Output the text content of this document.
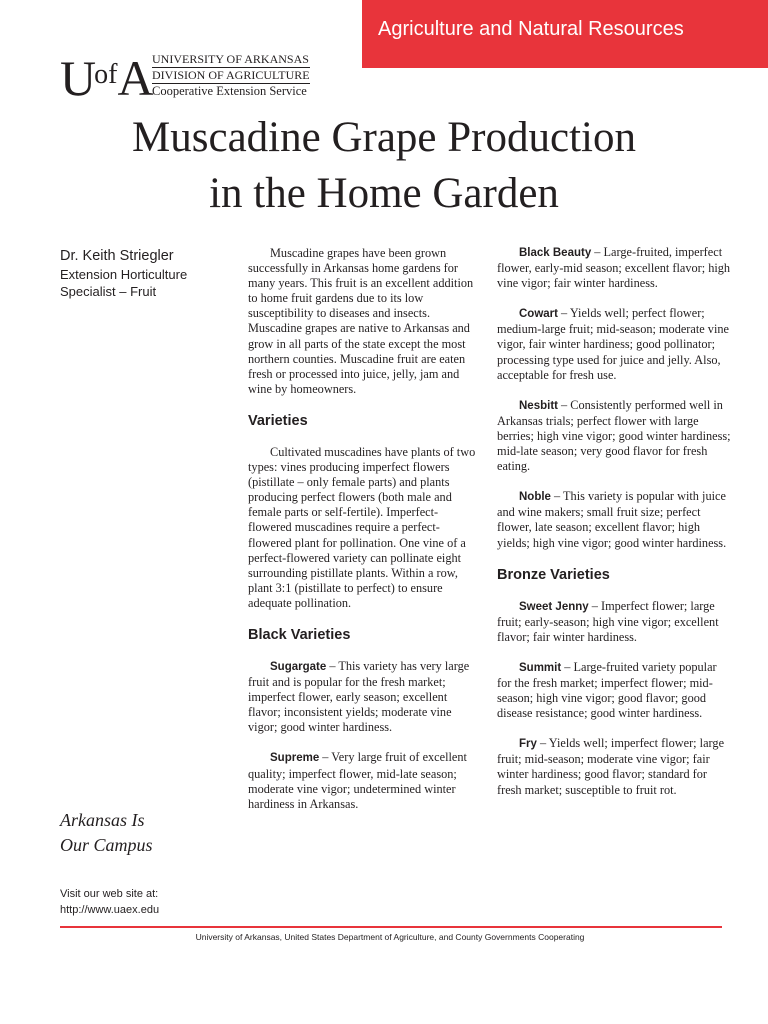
Agriculture and Natural Resources
$U^{of}A$ UNIVERSITY OF ARKANSAS
DIVISION OF AGRICULTURE
Cooperative Extension Service
Muscadine Grape Production
in the Home Garden
Dr. Keith Striegler
Extension Horticulture
Specialist – Fruit
Arkansas Is
Our Campus
Visit our web site at:
http://www.uaex.edu

Muscadine grapes have been grown successfully in Arkansas home gardens for many years. This fruit is an excellent addition to home fruit gardens due to its low susceptibility to diseases and insects. Muscadine grapes are native to Arkansas and grow in all parts of the state except the most northern counties. Muscadine fruit are eaten fresh or processed into juice, jelly, jam and wine by homeowners.

Varieties

Cultivated muscadines have plants of two types: vines producing imperfect flowers (pistillate – only female parts) and plants producing perfect flowers (both male and female parts or self-fertile). Imperfect-flowered muscadines require a perfect-flowered plant for pollination. One vine of a perfect-flowered variety can pollinate eight surrounding pistillate plants. Within a row, plant 3:1 (pistillate to perfect) to ensure adequate pollination.

Black Varieties

Sugargate – This variety has very large fruit and is popular for the fresh market; imperfect flower, early season; excellent flavor; inconsistent yields; moderate vine vigor; good winter hardiness.

Supreme – Very large fruit of excellent quality; imperfect flower, mid-late season; moderate vine vigor; undetermined winter hardiness in Arkansas.

Black Beauty – Large-fruited, imperfect flower, early-mid season; excellent flavor; high vine vigor; fair winter hardiness.

Cowart – Yields well; perfect flower; medium-large fruit; mid-season; moderate vine vigor, fair winter hardiness; good pollinator; processing type used for juice and jelly. Also, acceptable for fresh use.

Nesbitt – Consistently performed well in Arkansas trials; perfect flower with large berries; high vine vigor; good winter hardiness; mid-late season; very good flavor for fresh eating.

Noble – This variety is popular with juice and wine makers; small fruit size; perfect flower, late season; excellent flavor; high yields; high vine vigor; good winter hardiness.

Bronze Varieties

Sweet Jenny – Imperfect flower; large fruit; early-season; high vine vigor; excellent flavor; fair winter hardiness.

Summit – Large-fruited variety popular for the fresh market; imperfect flower; mid-season; high vine vigor; good flavor; good disease resistance; good winter hardiness.

Fry – Yields well; imperfect flower; large fruit; mid-season; moderate vine vigor; fair winter hardiness; good flavor; standard for fresh market; susceptible to fruit rot.

University of Arkansas, United States Department of Agriculture, and County Governments Cooperating
